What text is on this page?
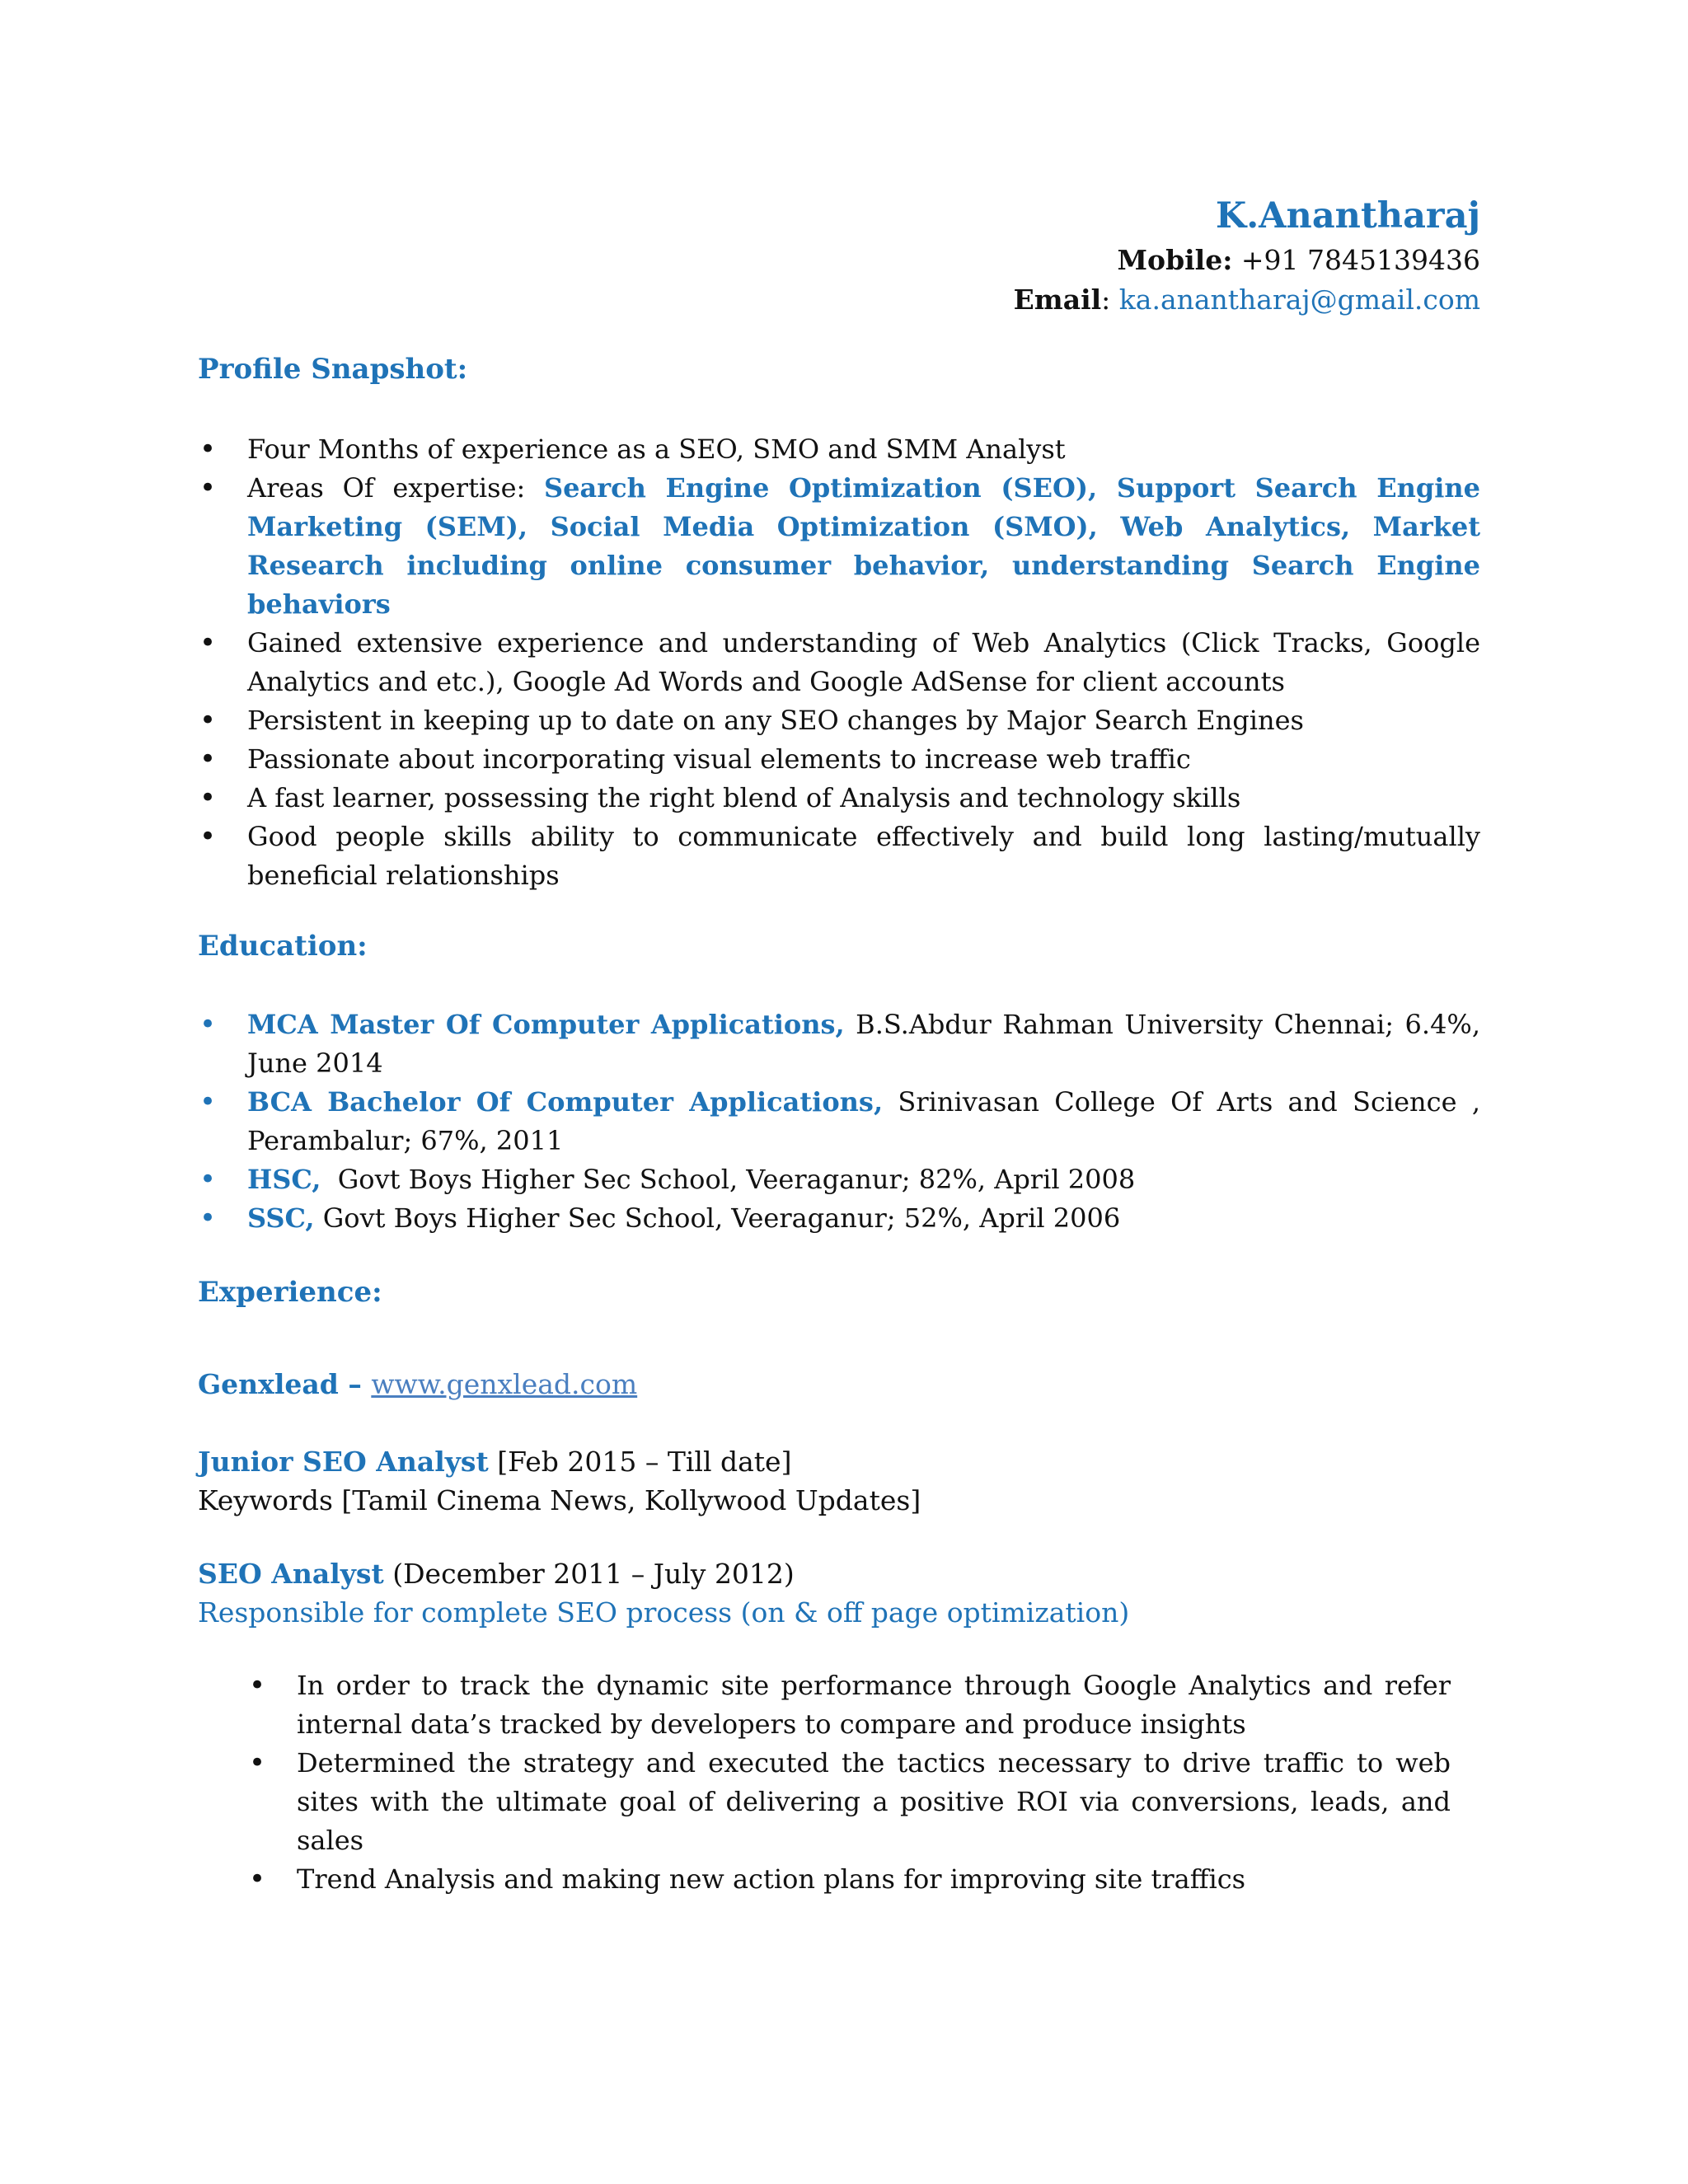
K.Anantharaj
Mobile: +91 7845139436
Email: ka.anantharaj@gmail.com
Profile Snapshot:
• Four Months of experience as a SEO, SMO and SMM Analyst
• Areas Of expertise: Search Engine Optimization (SEO), Support Search Engine Marketing (SEM), Social Media Optimization (SMO), Web Analytics, Market Research including online consumer behavior, understanding Search Engine behaviors
• Gained extensive experience and understanding of Web Analytics (Click Tracks, Google Analytics and etc.), Google Ad Words and Google AdSense for client accounts
• Persistent in keeping up to date on any SEO changes by Major Search Engines
• Passionate about incorporating visual elements to increase web traffic
• A fast learner, possessing the right blend of Analysis and technology skills
• Good people skills ability to communicate effectively and build long lasting/mutually beneficial relationships
Education:
• MCA Master Of Computer Applications, B.S.Abdur Rahman University Chennai; 6.4%, June 2014
• BCA Bachelor Of Computer Applications, Srinivasan College Of Arts and Science , Perambalur; 67%, 2011
• HSC,  Govt Boys Higher Sec School, Veeraganur; 82%, April 2008
• SSC, Govt Boys Higher Sec School, Veeraganur; 52%, April 2006
Experience:
Genxlead – www.genxlead.com
Junior SEO Analyst [Feb 2015 – Till date]
Keywords [Tamil Cinema News, Kollywood Updates]
SEO Analyst (December 2011 – July 2012)
Responsible for complete SEO process (on & off page optimization)
• In order to track the dynamic site performance through Google Analytics and refer internal data’s tracked by developers to compare and produce insights
• Determined the strategy and executed the tactics necessary to drive traffic to web sites with the ultimate goal of delivering a positive ROI via conversions, leads, and sales
• Trend Analysis and making new action plans for improving site traffics
